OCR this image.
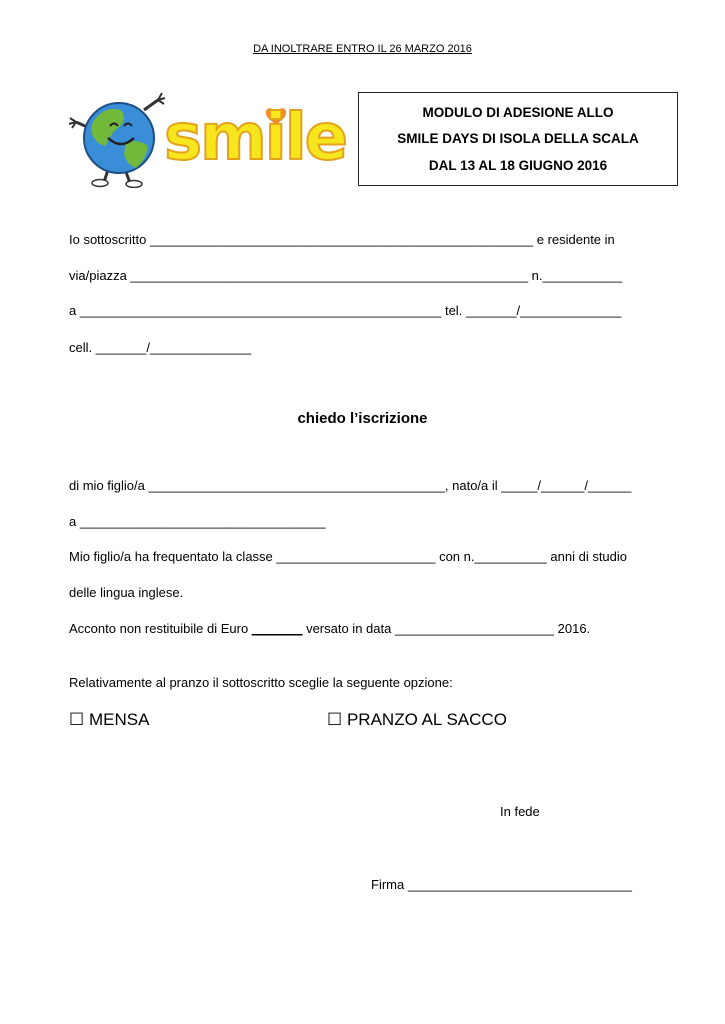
DA INOLTRARE ENTRO IL 26 MARZO 2016
smile	MODULO DI ADESIONE ALLO
SMILE DAYS DI ISOLA DELLA SCALA
DAL 13 AL 18 GIUGNO 2016
Io sottoscritto _____________________________________________________ e residente in
via/piazza _______________________________________________________ n.___________
a __________________________________________________ tel. _______/______________
cell. _______/______________
chiedo l’iscrizione
di mio figlio/a _________________________________________, nato/a il _____/______/______
a __________________________________
Mio figlio/a ha frequentato la classe ______________________ con n.__________ anni di studio
delle lingua inglese.
Acconto non restituibile di Euro _______ versato in data ______________________ 2016.
Relativamente al pranzo il sottoscritto sceglie la seguente opzione:
☐ MENSA	☐ PRANZO AL SACCO
In fede
Firma _______________________________
